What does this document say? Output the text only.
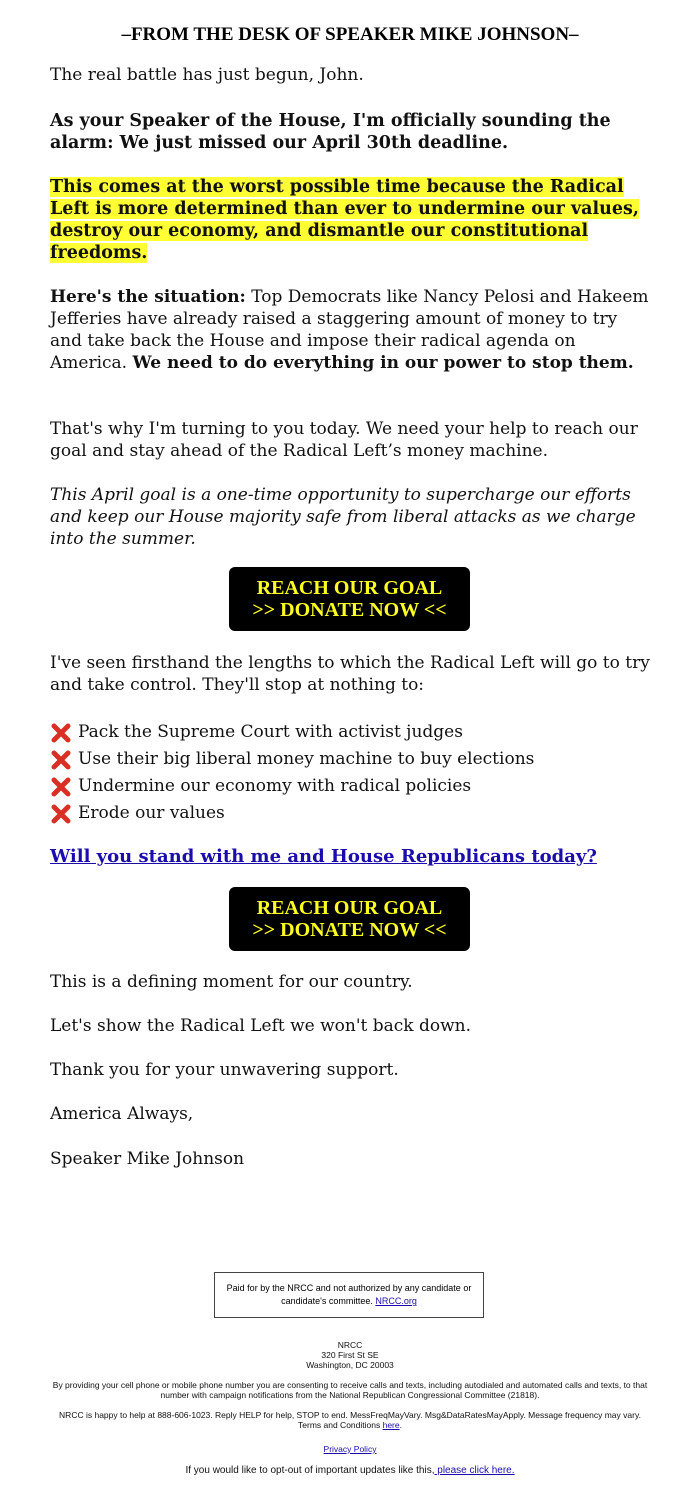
–FROM THE DESK OF SPEAKER MIKE JOHNSON–

The real battle has just begun, John.

As your Speaker of the House, I'm officially sounding the alarm: We just missed our April 30th deadline.

This comes at the worst possible time because the Radical Left is more determined than ever to undermine our values, destroy our economy, and dismantle our constitutional freedoms.

Here's the situation: Top Democrats like Nancy Pelosi and Hakeem Jefferies have already raised a staggering amount of money to try and take back the House and impose their radical agenda on America. We need to do everything in our power to stop them.

That's why I'm turning to you today. We need your help to reach our goal and stay ahead of the Radical Left’s money machine.

This April goal is a one-time opportunity to supercharge our efforts and keep our House majority safe from liberal attacks as we charge into the summer.

REACH OUR GOAL
>> DONATE NOW <<

I've seen firsthand the lengths to which the Radical Left will go to try and take control. They'll stop at nothing to:

Pack the Supreme Court with activist judges
Use their big liberal money machine to buy elections
Undermine our economy with radical policies
Erode our values
Will you stand with me and House Republicans today?
REACH OUR GOAL
>> DONATE NOW <<

This is a defining moment for our country.

Let's show the Radical Left we won't back down.

Thank you for your unwavering support.

America Always,

Speaker Mike Johnson

Paid for by the NRCC and not authorized by any candidate or candidate's committee. NRCC.org

NRCC

320 First St SE

Washington, DC 20003

By providing your cell phone or mobile phone number you are consenting to receive calls and texts, including autodialed and automated calls and texts, to that number with campaign notifications from the National Republican Congressional Committee (21818).

NRCC is happy to help at 888-606-1023. Reply HELP for help, STOP to end. MessFreqMayVary. Msg&DataRatesMayApply. Message frequency may vary. Terms and Conditions here.

Privacy Policy

If you would like to opt-out of important updates like this, please click here.
